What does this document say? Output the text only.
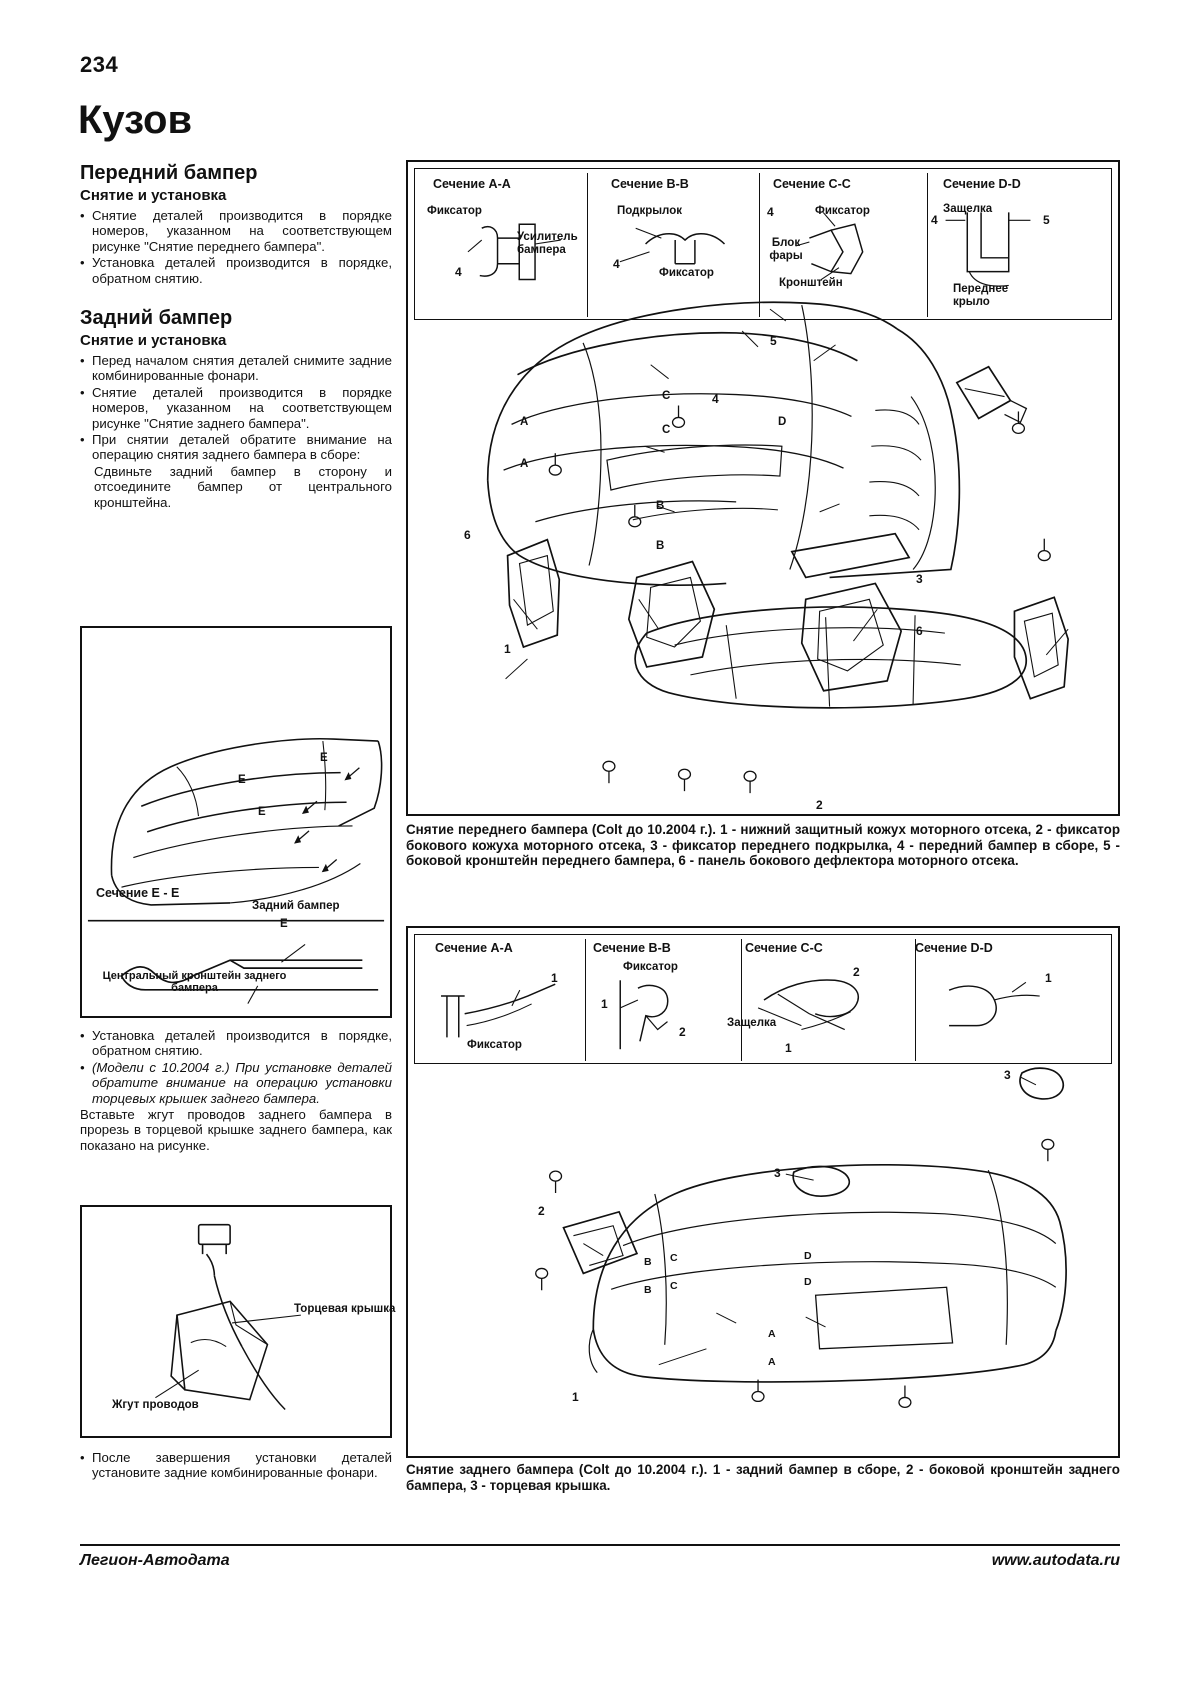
234
Кузов
Передний бампер
Снятие и установка
• Снятие деталей производится в порядке номеров, указанном на соответствующем рисунке "Снятие переднего бампера".
• Установка деталей производится в порядке, обратном снятию.
Задний бампер
Снятие и установка
• Перед началом снятия деталей снимите задние комбинированные фонари.
• Снятие деталей производится в порядке номеров, указанном на соответствующем рисунке "Снятие заднего бампера".
• При снятии деталей обратите внимание на операцию снятия заднего бампера в сборе:
Сдвиньте задний бампер в сторону и отсоедините бампер от центрального кронштейна.
E
E
E
E
Сечение E - E
Задний бампер
Центральный кронштейн заднего бампера
• Установка деталей производится в порядке, обратном снятию.
• (Модели с 10.2004 г.) При установке деталей обратите внимание на операцию установки торцевых крышек заднего бампера.
Вставьте жгут проводов заднего бампера в прорезь в торцевой крышке заднего бампера, как показано на рисунке.
Торцевая крышка
Жгут проводов
• После завершения установки деталей установите задние комбинированные фонари.
Сечение A-A	Сечение B-B	Сечение C-C	Сечение D-D
Фиксатор
Усилитель бампера
4
Подкрылок
Фиксатор
4
Фиксатор
Блок фары
Кронштейн
4	Защелка
Переднее крыло
4	5
A
A
B
B
C
C
D
1
2
3
4
5
6
6
Снятие переднего бампера (Colt до 10.2004 г.). 1 - нижний защитный кожух моторного отсека, 2 - фиксатор бокового кожуха моторного отсека, 3 - фиксатор переднего подкрылка, 4 - передний бампер в сборе, 5 - боковой кронштейн переднего бампера, 6 - панель бокового дефлектора моторного отсека.
Сечение A-A	Сечение B-B	Сечение C-C	Сечение D-D
Фиксатор
1
1
Фиксатор
2
Защелка
2
1
1
2
1
3
3
B
B
C
C
A
A
D
D
Снятие заднего бампера (Colt до 10.2004 г.). 1 - задний бампер в сборе, 2 - боковой кронштейн заднего бампера, 3 - торцевая крышка.
Легион-Автодата	www.autodata.ru
